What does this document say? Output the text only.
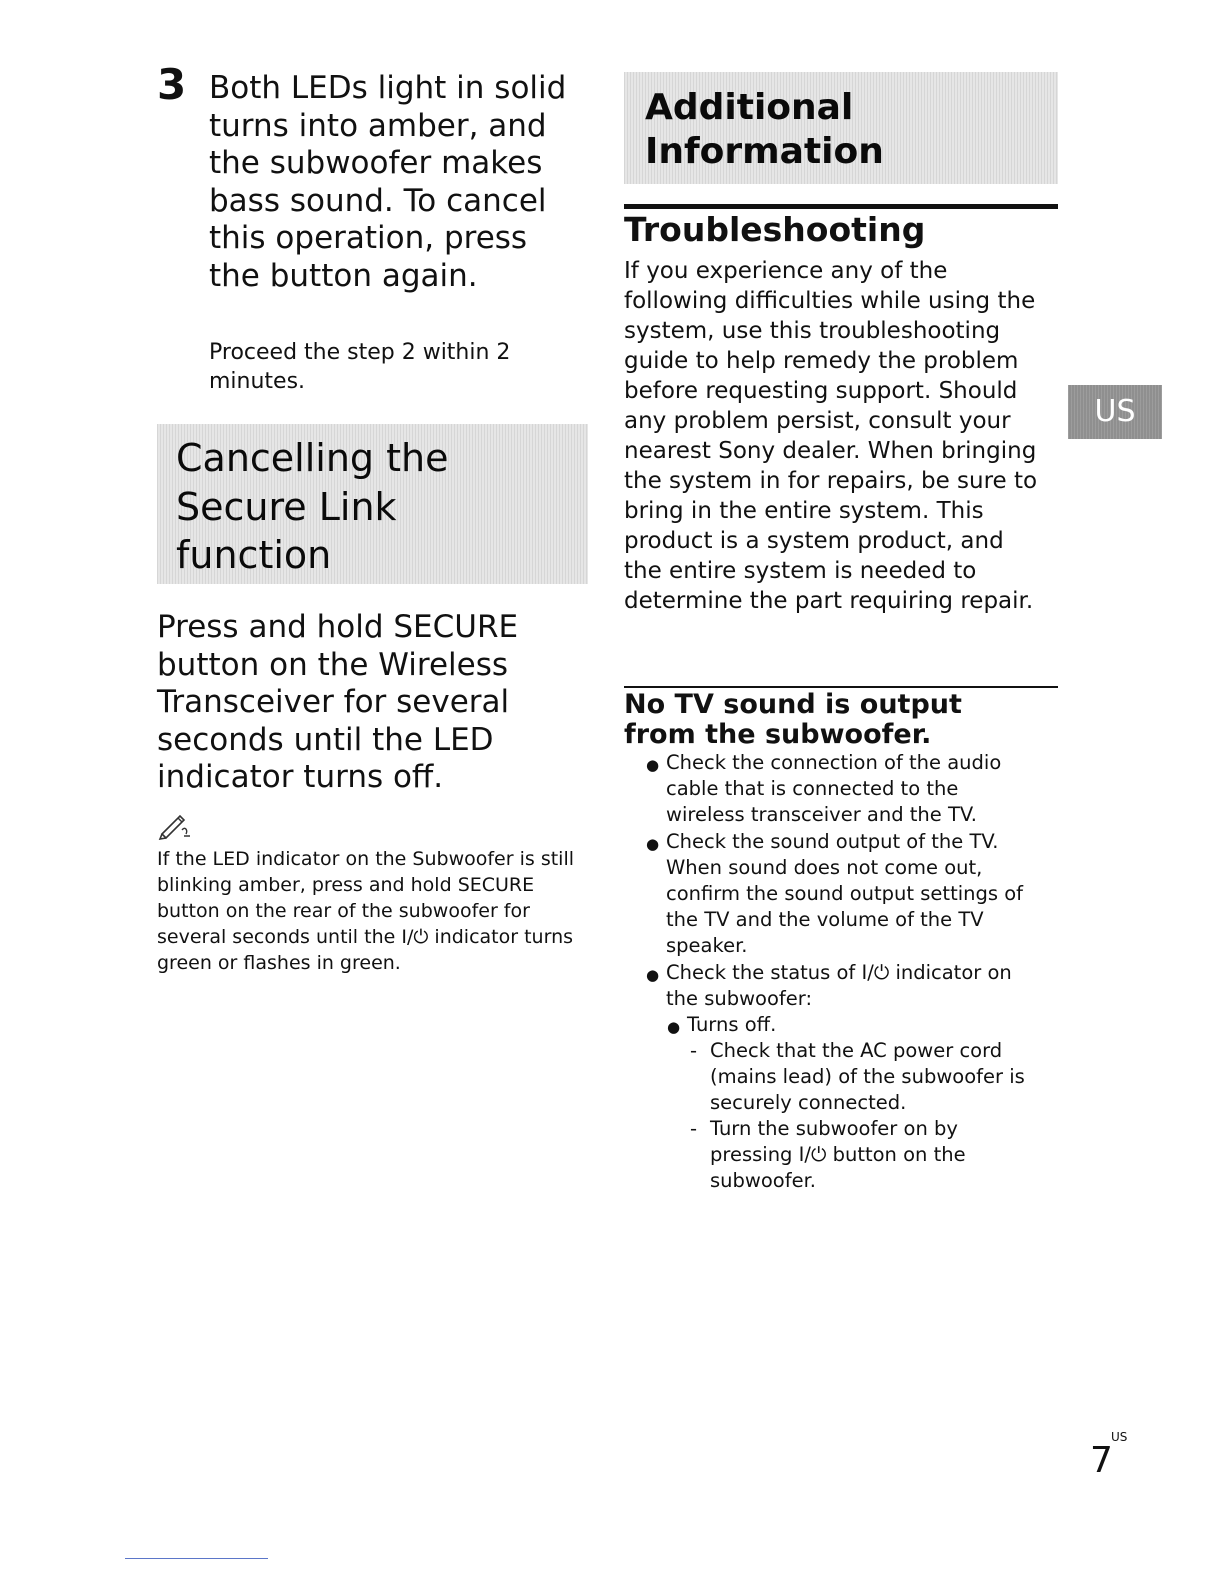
3 Both LEDs light in solid turns into amber, and the subwoofer makes bass sound. To cancel this operation, press the button again.
Proceed the step 2 within 2 minutes.
Cancelling the Secure Link function
Press and hold SECURE button on the Wireless Transceiver for several seconds until the LED indicator turns off.
If the LED indicator on the Subwoofer is still blinking amber, press and hold SECURE button on the rear of the subwoofer for several seconds until the I/⏻ indicator turns green or flashes in green.
Additional Information
Troubleshooting
If you experience any of the following difficulties while using the system, use this troubleshooting guide to help remedy the problem before requesting support. Should any problem persist, consult your nearest Sony dealer. When bringing the system in for repairs, be sure to bring in the entire system. This product is a system product, and the entire system is needed to determine the part requiring repair.
No TV sound is output from the subwoofer.
● Check the connection of the audio cable that is connected to the wireless transceiver and the TV.
● Check the sound output of the TV. When sound does not come out, confirm the sound output settings of the TV and the volume of the TV speaker.
● Check the status of I/⏻ indicator on the subwoofer:
● Turns off.
- Check that the AC power cord (mains lead) of the subwoofer is securely connected.
- Turn the subwoofer on by pressing I/⏻ button on the subwoofer.
US
US
7
